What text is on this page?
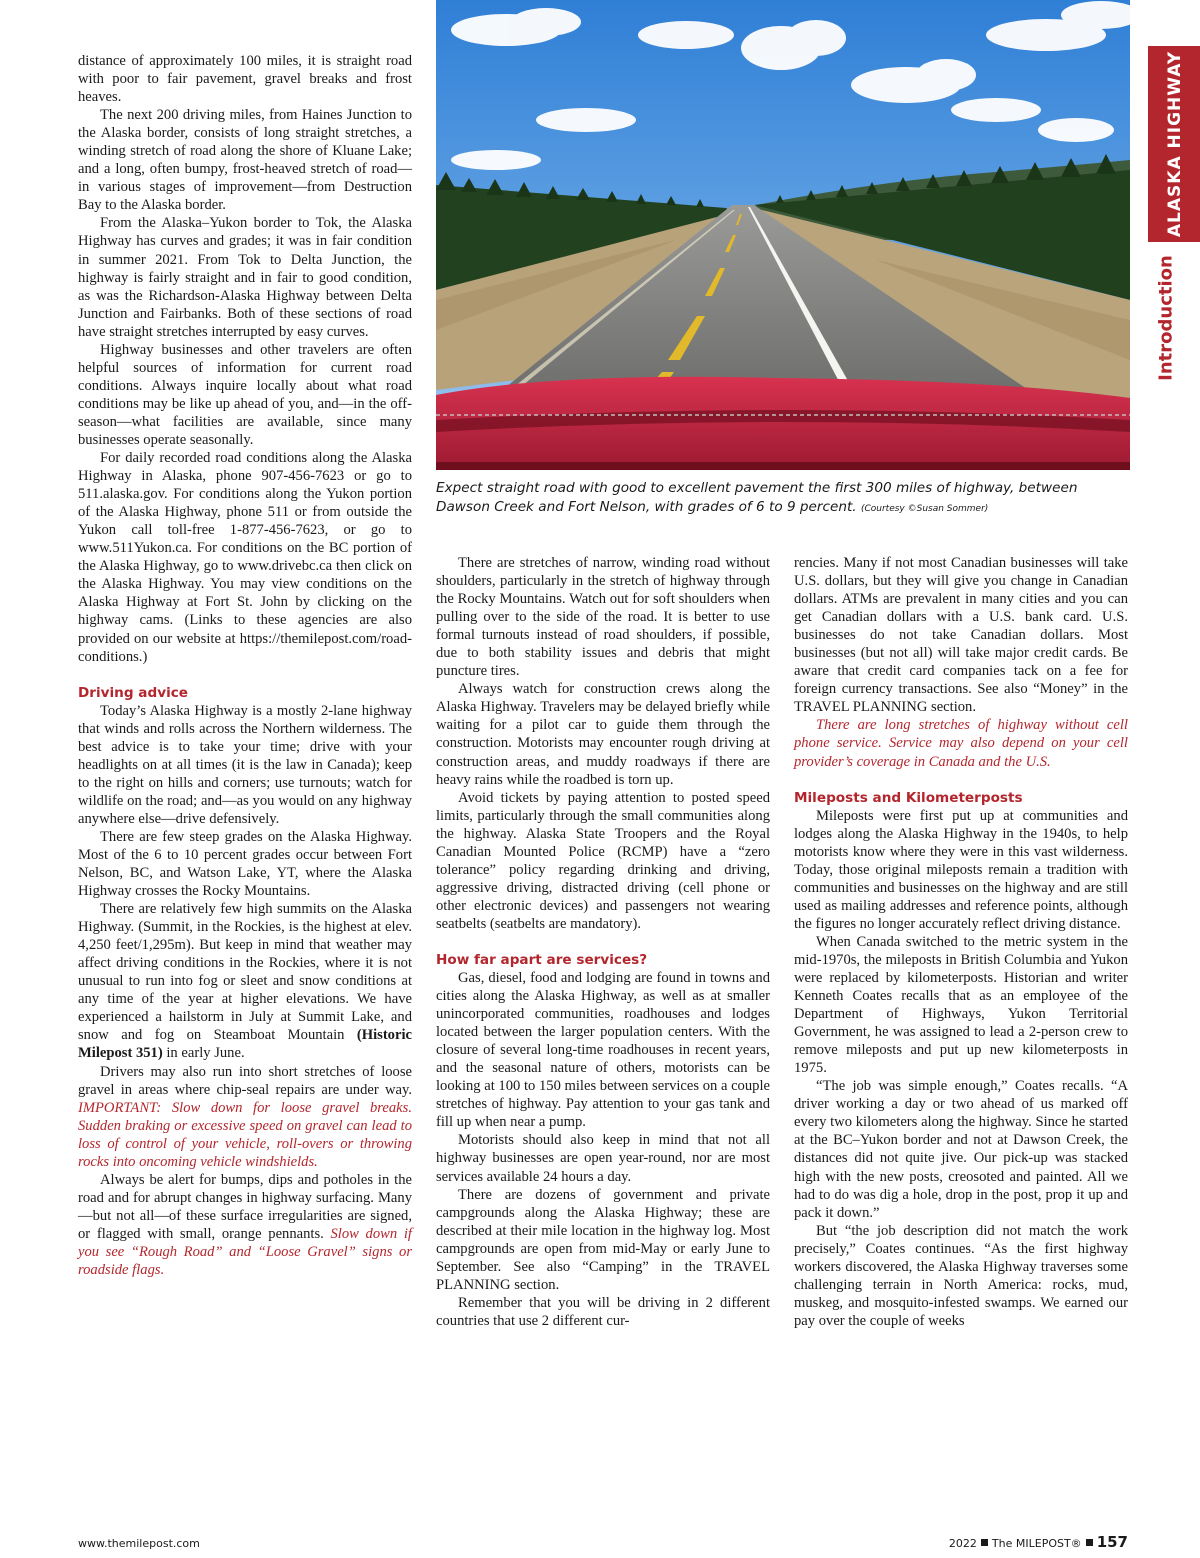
Expect straight road with good to excellent pavement the first 300 miles of highway, between Dawson Creek and Fort Nelson, with grades of 6 to 9 percent. (Courtesy ©Susan Sommer)
ALASKA HIGHWAY
Introduction

distance of approximately 100 miles, it is straight road with poor to fair pavement, gravel breaks and frost heaves.

The next 200 driving miles, from Haines Junction to the Alaska border, consists of long straight stretches, a winding stretch of road along the shore of Kluane Lake; and a long, often bumpy, frost-heaved stretch of road—in various stages of improvement—from Destruction Bay to the Alaska border.

From the Alaska–Yukon border to Tok, the Alaska Highway has curves and grades; it was in fair condition in summer 2021. From Tok to Delta Junction, the highway is fairly straight and in fair to good condition, as was the Richardson-Alaska Highway between Delta Junction and Fairbanks. Both of these sections of road have straight stretches interrupted by easy curves.

Highway businesses and other travelers are often helpful sources of information for current road conditions. Always inquire locally about what road conditions may be like up ahead of you, and—in the off-season—what facilities are available, since many businesses operate seasonally.

For daily recorded road conditions along the Alaska Highway in Alaska, phone 907-456-7623 or go to 511.alaska.gov. For conditions along the Yukon portion of the Alaska Highway, phone 511 or from outside the Yukon call toll-free 1-877-456-7623, or go to www.511Yukon.ca. For conditions on the BC portion of the Alaska Highway, go to www.drivebc.ca then click on the Alaska Highway. You may view conditions on the Alaska Highway at Fort St. John by clicking on the highway cams. (Links to these agencies are also provided on our website at https://themilepost.com/road-conditions.)

Driving advice

Today’s Alaska Highway is a mostly 2-lane highway that winds and rolls across the Northern wilderness. The best advice is to take your time; drive with your headlights on at all times (it is the law in Canada); keep to the right on hills and corners; use turnouts; watch for wildlife on the road; and—as you would on any highway anywhere else—drive defensively.

There are few steep grades on the Alaska Highway. Most of the 6 to 10 percent grades occur between Fort Nelson, BC, and Watson Lake, YT, where the Alaska Highway crosses the Rocky Mountains.

There are relatively few high summits on the Alaska Highway. (Summit, in the Rockies, is the highest at elev. 4,250 feet/1,295m). But keep in mind that weather may affect driving conditions in the Rockies, where it is not unusual to run into fog or sleet and snow conditions at any time of the year at higher elevations. We have experienced a hailstorm in July at Summit Lake, and snow and fog on Steamboat Mountain (Historic Milepost 351) in early June.

Drivers may also run into short stretches of loose gravel in areas where chip-seal repairs are under way. IMPORTANT: Slow down for loose gravel breaks. Sudden braking or excessive speed on gravel can lead to loss of control of your vehicle, roll-overs or throwing rocks into oncoming vehicle windshields.

Always be alert for bumps, dips and potholes in the road and for abrupt changes in highway surfacing. Many—but not all—of these surface irregularities are signed, or flagged with small, orange pennants. Slow down if you see “Rough Road” and “Loose Gravel” signs or roadside flags.

There are stretches of narrow, winding road without shoulders, particularly in the stretch of highway through the Rocky Mountains. Watch out for soft shoulders when pulling over to the side of the road. It is better to use formal turnouts instead of road shoulders, if possible, due to both stability issues and debris that might puncture tires.

Always watch for construction crews along the Alaska Highway. Travelers may be delayed briefly while waiting for a pilot car to guide them through the construction. Motorists may encounter rough driving at construction areas, and muddy roadways if there are heavy rains while the roadbed is torn up.

Avoid tickets by paying attention to posted speed limits, particularly through the small communities along the highway. Alaska State Troopers and the Royal Canadian Mounted Police (RCMP) have a “zero tolerance” policy regarding drinking and driving, aggressive driving, distracted driving (cell phone or other electronic devices) and passengers not wearing seatbelts (seatbelts are mandatory).

How far apart are services?

Gas, diesel, food and lodging are found in towns and cities along the Alaska Highway, as well as at smaller unincorporated communities, roadhouses and lodges located between the larger population centers. With the closure of several long-time roadhouses in recent years, and the seasonal nature of others, motorists can be looking at 100 to 150 miles between services on a couple stretches of highway. Pay attention to your gas tank and fill up when near a pump.

Motorists should also keep in mind that not all highway businesses are open year-round, nor are most services available 24 hours a day.

There are dozens of government and private campgrounds along the Alaska Highway; these are described at their mile location in the highway log. Most campgrounds are open from mid-May or early June to September. See also “Camping” in the TRAVEL PLANNING section.

Remember that you will be driving in 2 different countries that use 2 different cur-

rencies. Many if not most Canadian businesses will take U.S. dollars, but they will give you change in Canadian dollars. ATMs are prevalent in many cities and you can get Canadian dollars with a U.S. bank card. U.S. businesses do not take Canadian dollars. Most businesses (but not all) will take major credit cards. Be aware that credit card companies tack on a fee for foreign currency transactions. See also “Money” in the TRAVEL PLANNING section.

There are long stretches of highway without cell phone service. Service may also depend on your cell provider’s coverage in Canada and the U.S.

Mileposts and Kilometerposts

Mileposts were first put up at communities and lodges along the Alaska Highway in the 1940s, to help motorists know where they were in this vast wilderness. Today, those original mileposts remain a tradition with communities and businesses on the highway and are still used as mailing addresses and reference points, although the figures no longer accurately reflect driving distance.

When Canada switched to the metric system in the mid-1970s, the mileposts in British Columbia and Yukon were replaced by kilometerposts. Historian and writer Kenneth Coates recalls that as an employee of the Department of Highways, Yukon Territorial Government, he was assigned to lead a 2-person crew to remove mileposts and put up new kilometerposts in 1975.

“The job was simple enough,” Coates recalls. “A driver working a day or two ahead of us marked off every two kilometers along the highway. Since he started at the BC–Yukon border and not at Dawson Creek, the distances did not quite jive. Our pick-up was stacked high with the new posts, creosoted and painted. All we had to do was dig a hole, drop in the post, prop it up and pack it down.”

But “the job description did not match the work precisely,” Coates continues. “As the first highway workers discovered, the Alaska Highway traverses some challenging terrain in North America: rocks, mud, muskeg, and mosquito-infested swamps. We earned our pay over the couple of weeks

www.themilepost.com	2022 The MILEPOST® 157
